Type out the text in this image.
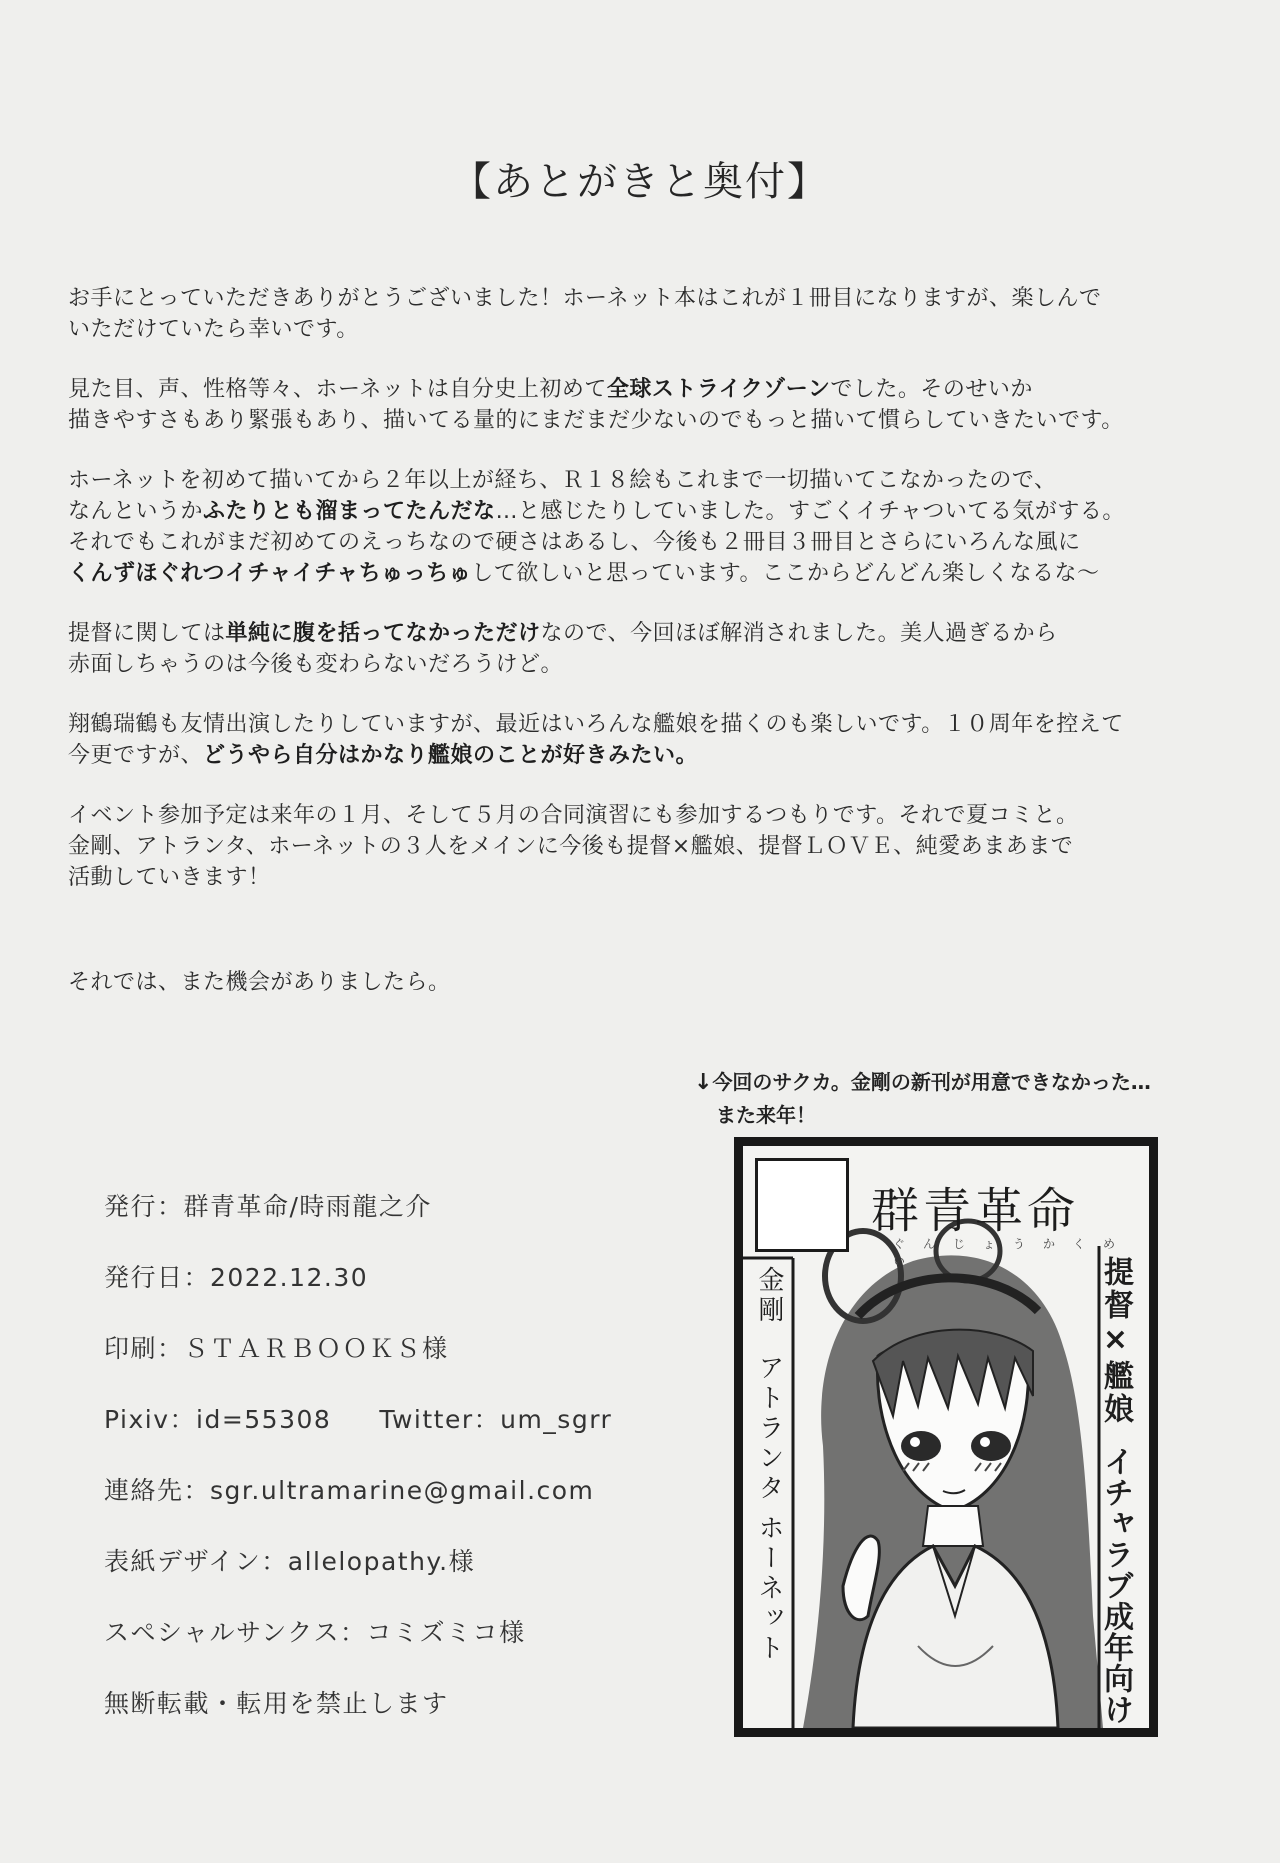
【あとがきと奥付】
お手にとっていただきありがとうございました！ホーネット本はこれが１冊目になりますが、楽しんで
いただけていたら幸いです。
見た目、声、性格等々、ホーネットは自分史上初めて全球ストライクゾーンでした。そのせいか
描きやすさもあり緊張もあり、描いてる量的にまだまだ少ないのでもっと描いて慣らしていきたいです。
ホーネットを初めて描いてから２年以上が経ち、Ｒ１８絵もこれまで一切描いてこなかったので、
なんというかふたりとも溜まってたんだな…と感じたりしていました。すごくイチャついてる気がする。
それでもこれがまだ初めてのえっちなので硬さはあるし、今後も２冊目３冊目とさらにいろんな風に
くんずほぐれつイチャイチャちゅっちゅして欲しいと思っています。ここからどんどん楽しくなるな～
提督に関しては単純に腹を括ってなかっただけなので、今回ほぼ解消されました。美人過ぎるから
赤面しちゃうのは今後も変わらないだろうけど。
翔鶴瑞鶴も友情出演したりしていますが、最近はいろんな艦娘を描くのも楽しいです。１０周年を控えて
今更ですが、どうやら自分はかなり艦娘のことが好きみたい。
イベント参加予定は来年の１月、そして５月の合同演習にも参加するつもりです。それで夏コミと。
金剛、アトランタ、ホーネットの３人をメインに今後も提督×艦娘、提督ＬＯＶＥ、純愛あまあまで
活動していきます！
それでは、また機会がありましたら。
発行：群青革命/時雨龍之介
発行日：2022.12.30
印刷：ＳＴＡＲＢＯＯＫＳ様
Pixiv：id=55308 Twitter：um_sgrr
連絡先：sgr.ultramarine@gmail.com
表紙デザイン：allelopathy.様
スペシャルサンクス：コミズミコ様
無断転載・転用を禁止します
↓今回のサクカ。金剛の新刊が用意できなかった…
また来年！
群青革命
ぐんじょうかくめい
金剛
アトランタ
ホーネット
提督×艦娘
イチャラブ成年向け
